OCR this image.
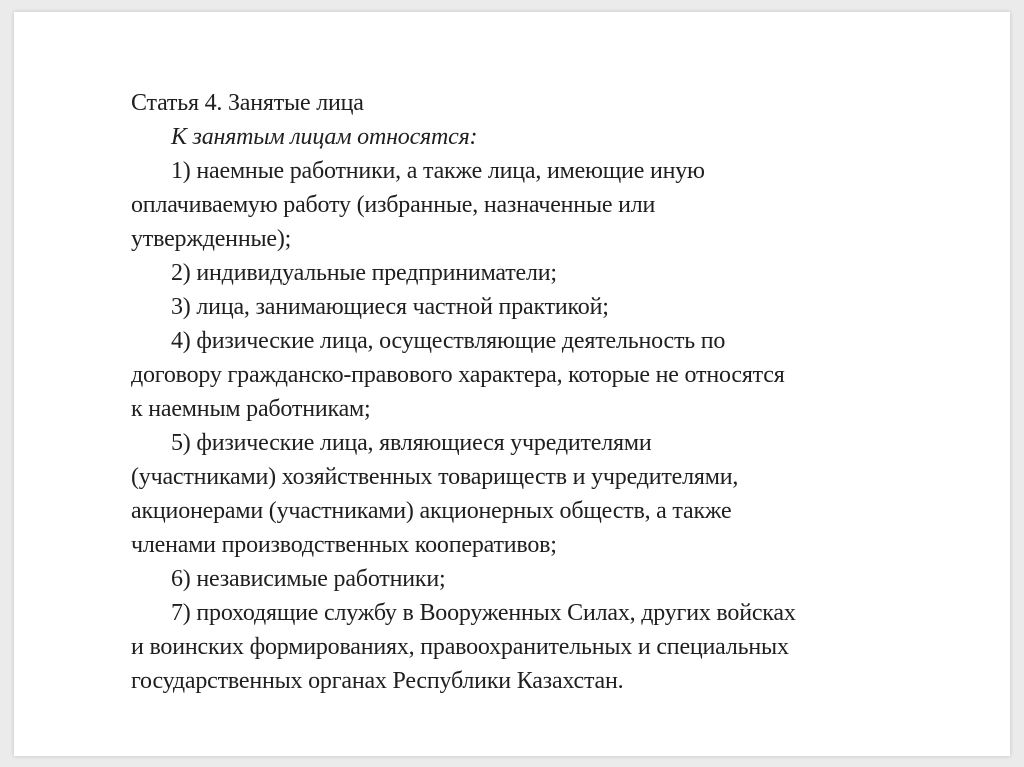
Статья 4. Занятые лица
К занятым лицам относятся:
1) наемные работники, а также лица, имеющие иную
оплачиваемую работу (избранные, назначенные или
утвержденные);
2) индивидуальные предприниматели;
3) лица, занимающиеся частной практикой;
4) физические лица, осуществляющие деятельность по
договору гражданско-правового характера, которые не относятся
к наемным работникам;
5) физические лица, являющиеся учредителями
(участниками) хозяйственных товариществ и учредителями,
акционерами (участниками) акционерных обществ, а также
членами производственных кооперативов;
6) независимые работники;
7) проходящие службу в Вооруженных Силах, других войсках
и воинских формированиях, правоохранительных и специальных
государственных органах Республики Казахстан.
